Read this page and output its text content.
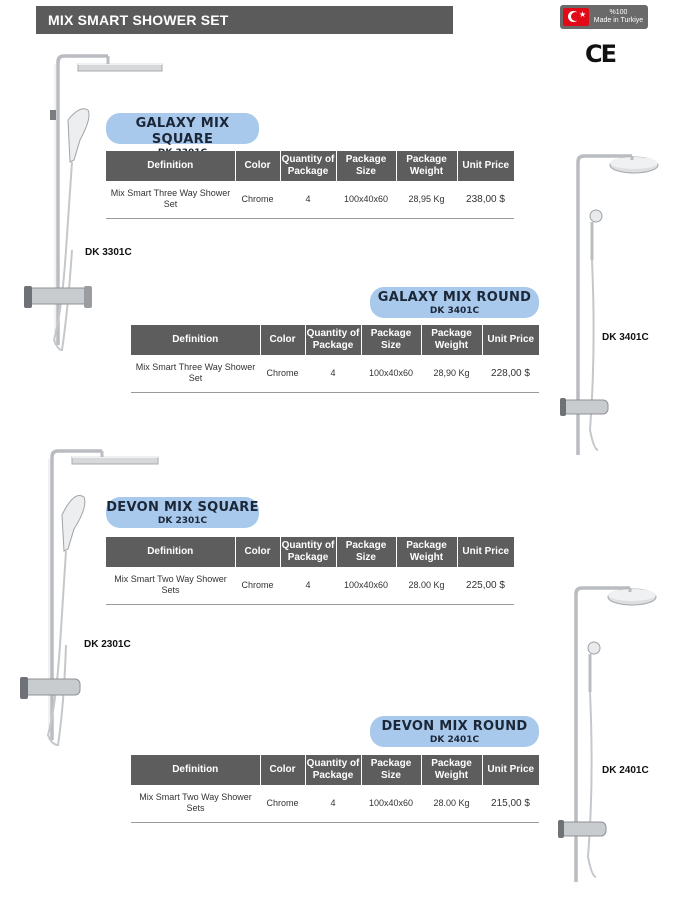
MIX SMART SHOWER SET	★	%100
Made in Turkiye
CE
GALAXY MIX SQUARE
Definition	Color	Quantity of Package	Package Size	Package Weight	Unit Price
Mix Smart Three Way Shower Set	Chrome	4	100x40x60	28,95 Kg	238,00 $
DK 3301C
GALAXY MIX ROUND
DK 3401C
Definition	Color	Quantity of Package	Package Size	Package Weight	Unit Price
Mix Smart Three Way Shower Set	Chrome	4	100x40x60	28,90 Kg	228,00 $
DK 3401C
DEVON MIX SQUARE
DK 2301C
Definition	Color	Quantity of Package	Package Size	Package Weight	Unit Price
Mix Smart Two Way Shower Sets	Chrome	4	100x40x60	28.00 Kg	225,00 $
DK 2301C
DEVON MIX ROUND
DK 2401C
Definition	Color	Quantity of Package	Package Size	Package Weight	Unit Price
Mix Smart Two Way Shower Sets	Chrome	4	100x40x60	28.00 Kg	215,00 $
DK 2401C
